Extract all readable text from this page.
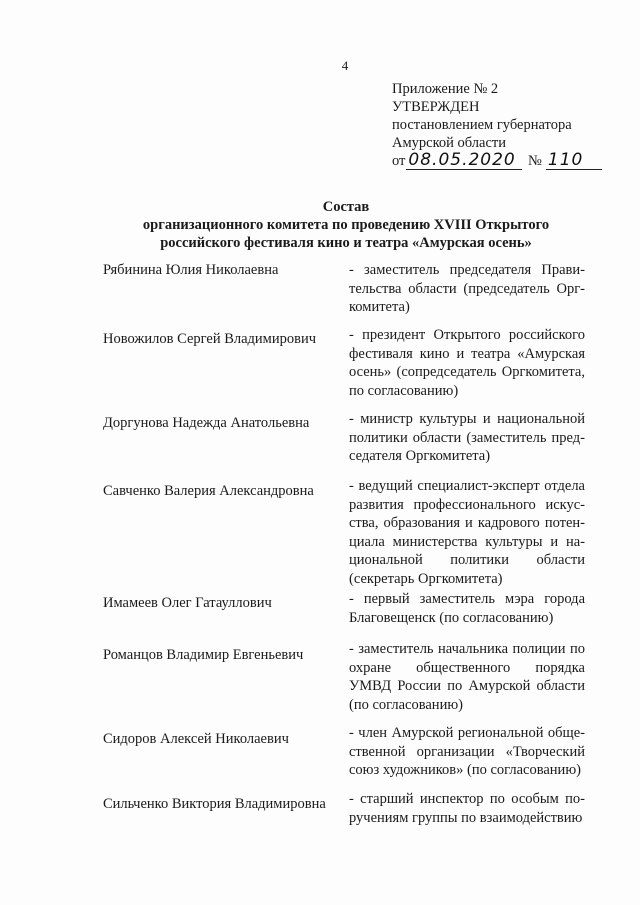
4
Приложение № 2
УТВЕРЖДЕН
постановлением губернатора
Амурской области
от 08.05.2020 № 110
Состав
организационного комитета по проведению XVIII Открытого
российского фестиваля кино и театра «Амурская осень»
Рябинина Юлия Николаевна	- заместитель председателя Прави-тельства области (председатель Орг-комитета)
Новожилов Сергей Владимирович - президент Открытого российского фестиваля кино и театра «Амурская осень» (сопредседатель Оргкомитета, по согласованию)
Доргунова Надежда Анатольевна	- министр культуры и национальной политики области (заместитель пред-седателя Оргкомитета)
Савченко Валерия Александровна - ведущий специалист-эксперт отдела развития профессионального искус-ства, образования и кадрового потен-циала министерства культуры и на-циональной политики области (секретарь Оргкомитета)
Имамеев Олег Гатауллович	- первый заместитель мэра города Благовещенск (по согласованию)
Романцов Владимир Евгеньевич	- заместитель начальника полиции по охране общественного порядка УМВД России по Амурской области (по согласованию)
Сидоров Алексей Николаевич	- член Амурской региональной обще-ственной организации «Творческий союз художников» (по согласованию)
Сильченко Виктория Владимировна - старший инспектор по особым по-ручениям группы по взаимодействию
